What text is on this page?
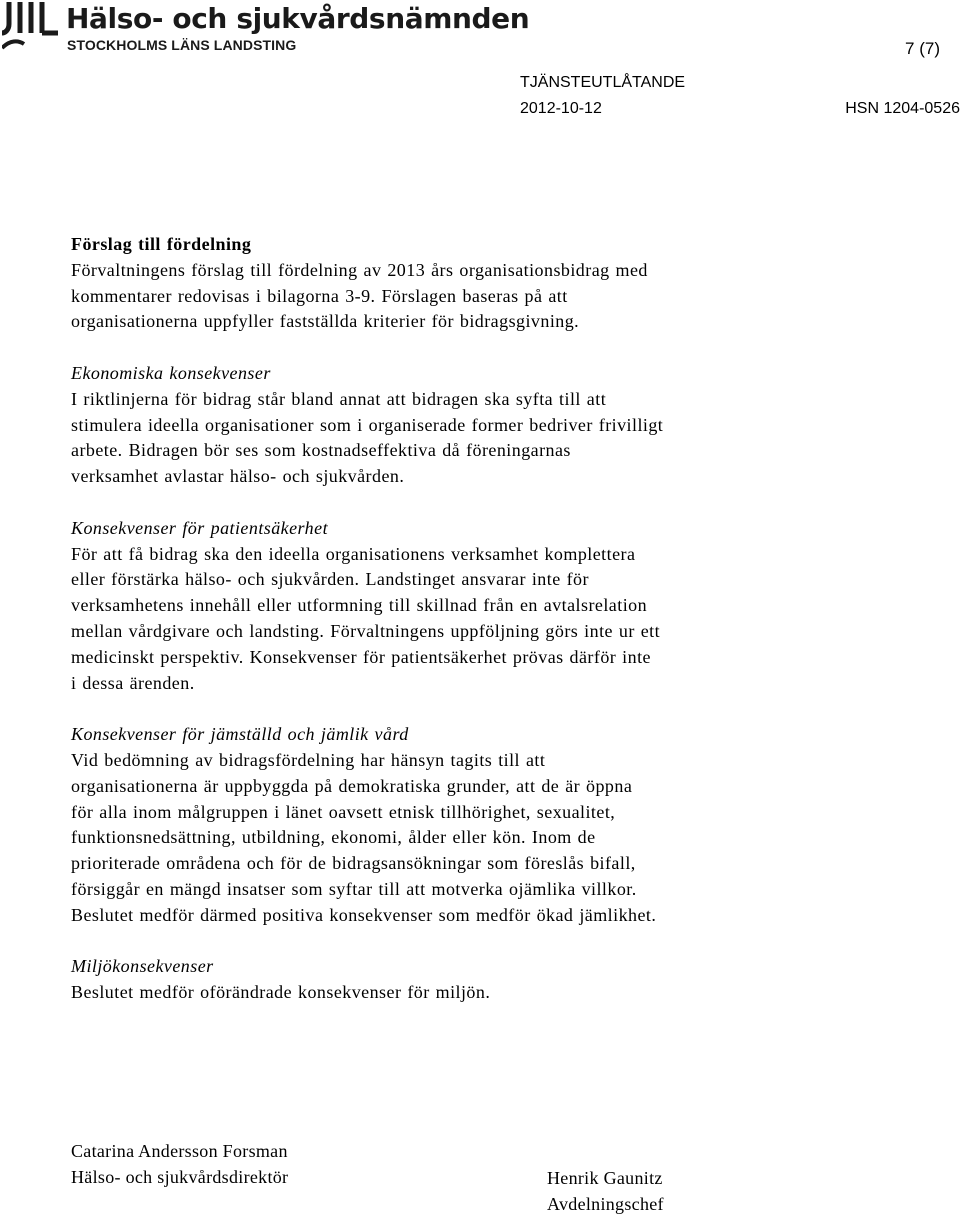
Hälso- och sjukvårdsnämnden
STOCKHOLMS LÄNS LANDSTING	7 (7)
TJÄNSTEUTLÅTANDE
2012-10-12	HSN 1204-0526

Förslag till fördelning

Förvaltningens förslag till fördelning av 2013 års organisationsbidrag med
kommentarer redovisas i bilagorna 3-9. Förslagen baseras på att
organisationerna uppfyller fastställda kriterier för bidragsgivning.

Ekonomiska konsekvenser

I riktlinjerna för bidrag står bland annat att bidragen ska syfta till att
stimulera ideella organisationer som i organiserade former bedriver frivilligt
arbete. Bidragen bör ses som kostnadseffektiva då föreningarnas
verksamhet avlastar hälso- och sjukvården.

Konsekvenser för patientsäkerhet

För att få bidrag ska den ideella organisationens verksamhet komplettera
eller förstärka hälso- och sjukvården. Landstinget ansvarar inte för
verksamhetens innehåll eller utformning till skillnad från en avtalsrelation
mellan vårdgivare och landsting. Förvaltningens uppföljning görs inte ur ett
medicinskt perspektiv. Konsekvenser för patientsäkerhet prövas därför inte
i dessa ärenden.

Konsekvenser för jämställd och jämlik vård

Vid bedömning av bidragsfördelning har hänsyn tagits till att
organisationerna är uppbyggda på demokratiska grunder, att de är öppna
för alla inom målgruppen i länet oavsett etnisk tillhörighet, sexualitet,
funktionsnedsättning, utbildning, ekonomi, ålder eller kön. Inom de
prioriterade områdena och för de bidragsansökningar som föreslås bifall,
försiggår en mängd insatser som syftar till att motverka ojämlika villkor.
Beslutet medför därmed positiva konsekvenser som medför ökad jämlikhet.

Miljökonsekvenser

Beslutet medför oförändrade konsekvenser för miljön.

Catarina Andersson Forsman
Hälso- och sjukvårdsdirektör	Henrik Gaunitz
Avdelningschef
